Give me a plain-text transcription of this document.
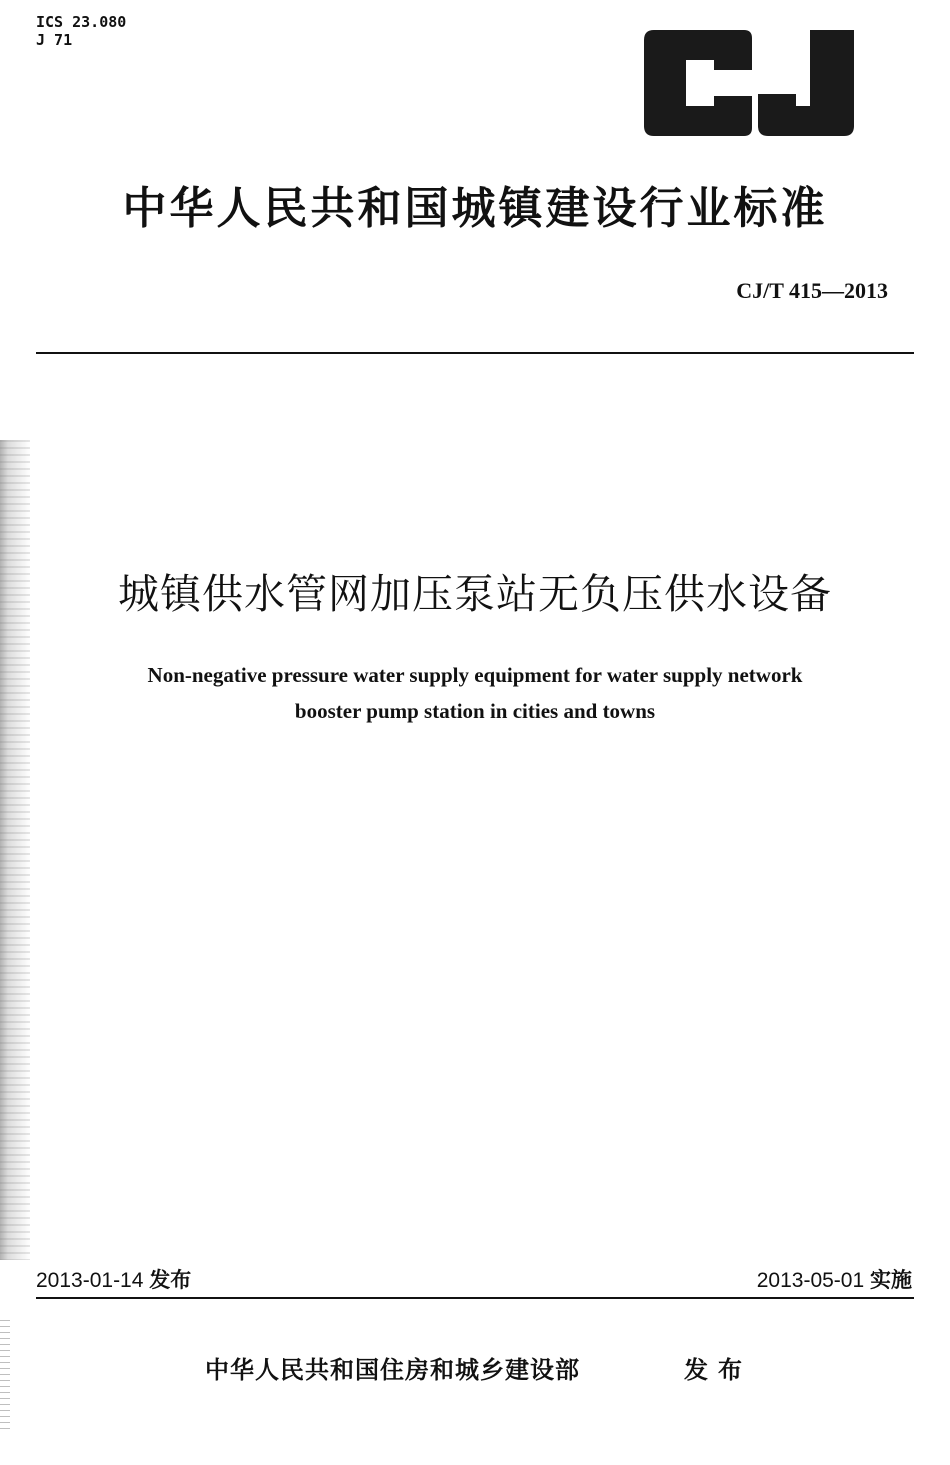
ICS 23.080
J 71
中华人民共和国城镇建设行业标准
CJ/T 415—2013
城镇供水管网加压泵站无负压供水设备
Non-negative pressure water supply equipment for water supply network
booster pump station in cities and towns
2013-01-14 发布	2013-05-01 实施
中华人民共和国住房和城乡建设部	发布
